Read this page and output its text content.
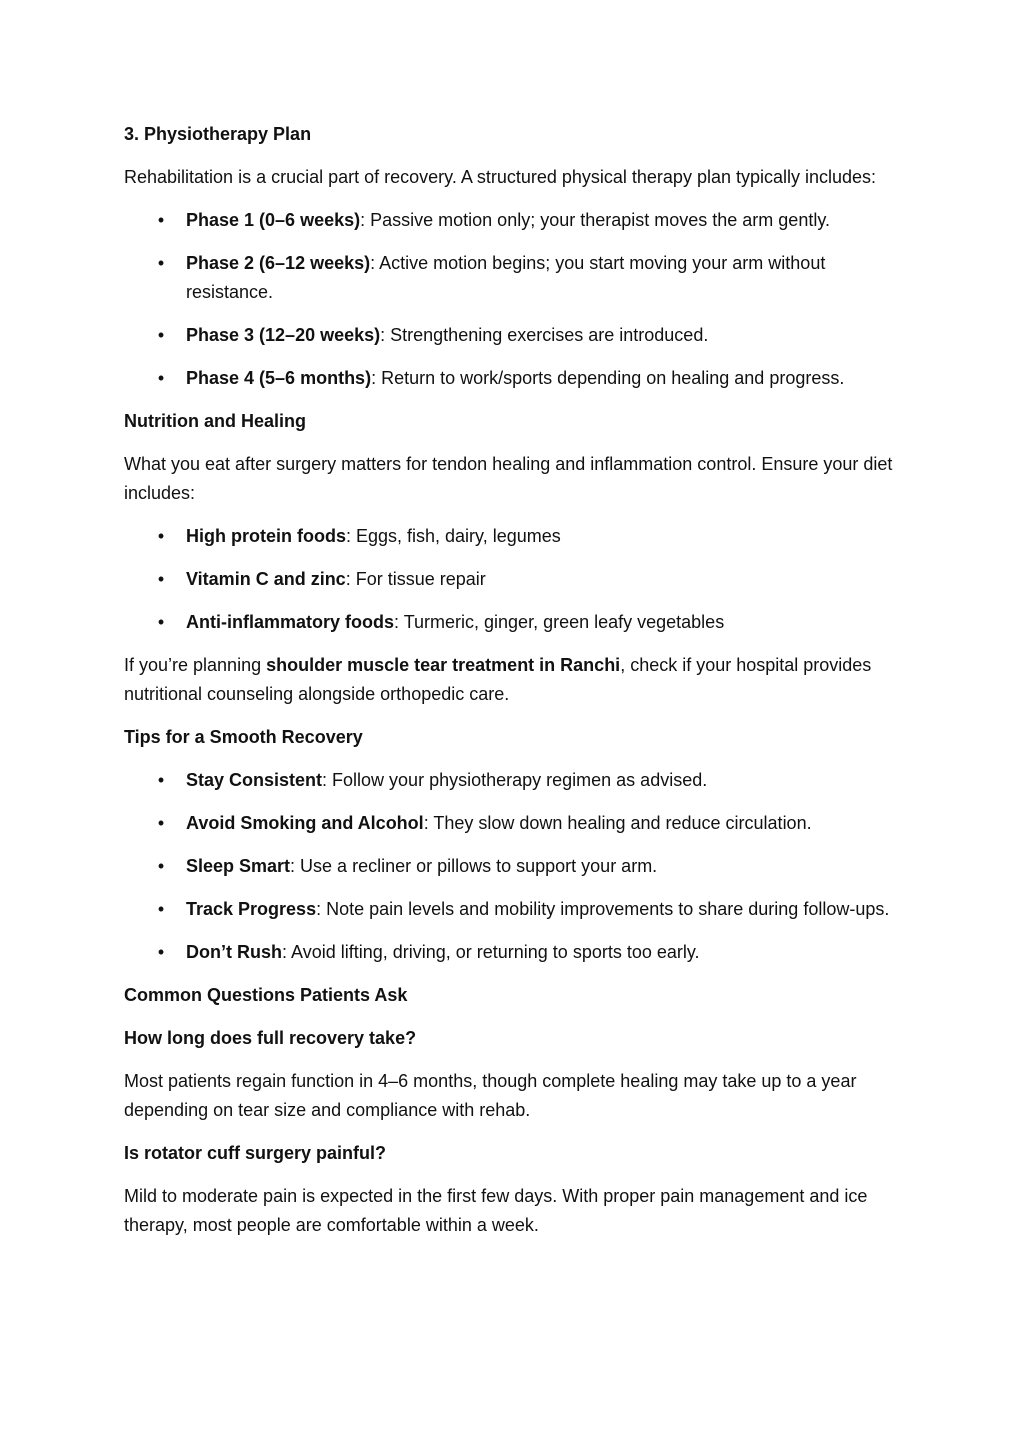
3. Physiotherapy Plan
Rehabilitation is a crucial part of recovery. A structured physical therapy plan typically includes:
• Phase 1 (0–6 weeks): Passive motion only; your therapist moves the arm gently.
• Phase 2 (6–12 weeks): Active motion begins; you start moving your arm without resistance.
• Phase 3 (12–20 weeks): Strengthening exercises are introduced.
• Phase 4 (5–6 months): Return to work/sports depending on healing and progress.
Nutrition and Healing
What you eat after surgery matters for tendon healing and inflammation control. Ensure your diet includes:
• High protein foods: Eggs, fish, dairy, legumes
• Vitamin C and zinc: For tissue repair
• Anti-inflammatory foods: Turmeric, ginger, green leafy vegetables
If you’re planning shoulder muscle tear treatment in Ranchi, check if your hospital provides nutritional counseling alongside orthopedic care.
Tips for a Smooth Recovery
• Stay Consistent: Follow your physiotherapy regimen as advised.
• Avoid Smoking and Alcohol: They slow down healing and reduce circulation.
• Sleep Smart: Use a recliner or pillows to support your arm.
• Track Progress: Note pain levels and mobility improvements to share during follow-ups.
• Don’t Rush: Avoid lifting, driving, or returning to sports too early.
Common Questions Patients Ask
How long does full recovery take?
Most patients regain function in 4–6 months, though complete healing may take up to a year depending on tear size and compliance with rehab.
Is rotator cuff surgery painful?
Mild to moderate pain is expected in the first few days. With proper pain management and ice therapy, most people are comfortable within a week.
